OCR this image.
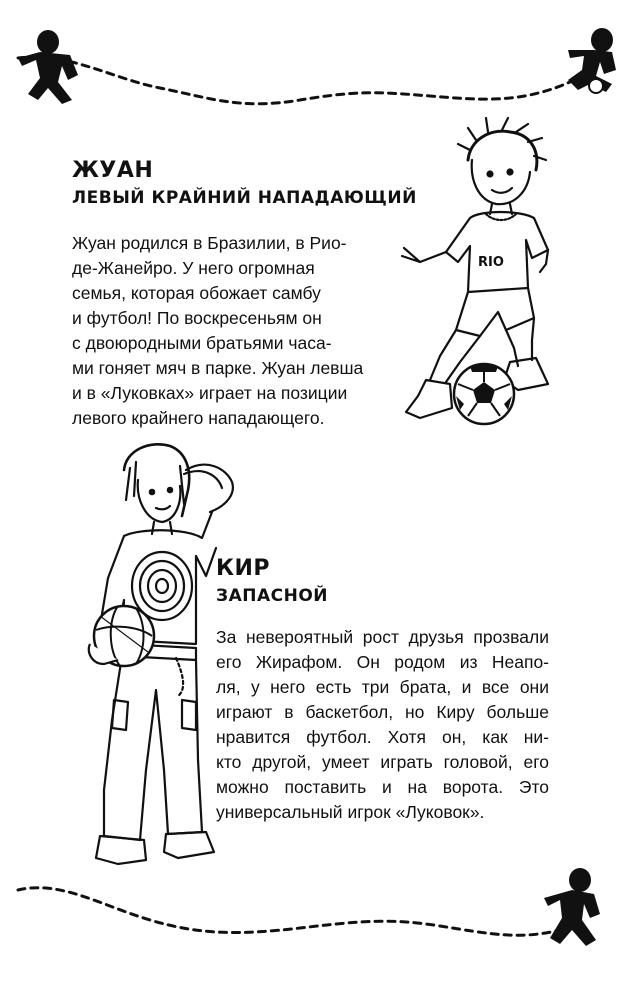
RIO
ЖУАН
ЛЕВЫЙ КРАЙНИЙ НАПАДАЮЩИЙ
Жуан родился в Бразилии, в Рио-
де-Жанейро. У него огромная
семья, которая обожает самбу
и футбол! По воскресеньям он
с двоюродными братьями часа-
ми гоняет мяч в парке. Жуан левша
и в «Луковках» играет на позиции
левого крайнего нападающего.
КИР
ЗАПАСНОЙ
За невероятный рост друзья прозвали
его Жирафом. Он родом из Неапо-
ля, у него есть три брата, и все они
играют в баскетбол, но Киру больше
нравится футбол. Хотя он, как ни-
кто другой, умеет играть головой, его
можно поставить и на ворота. Это
универсальный игрок «Луковок».
